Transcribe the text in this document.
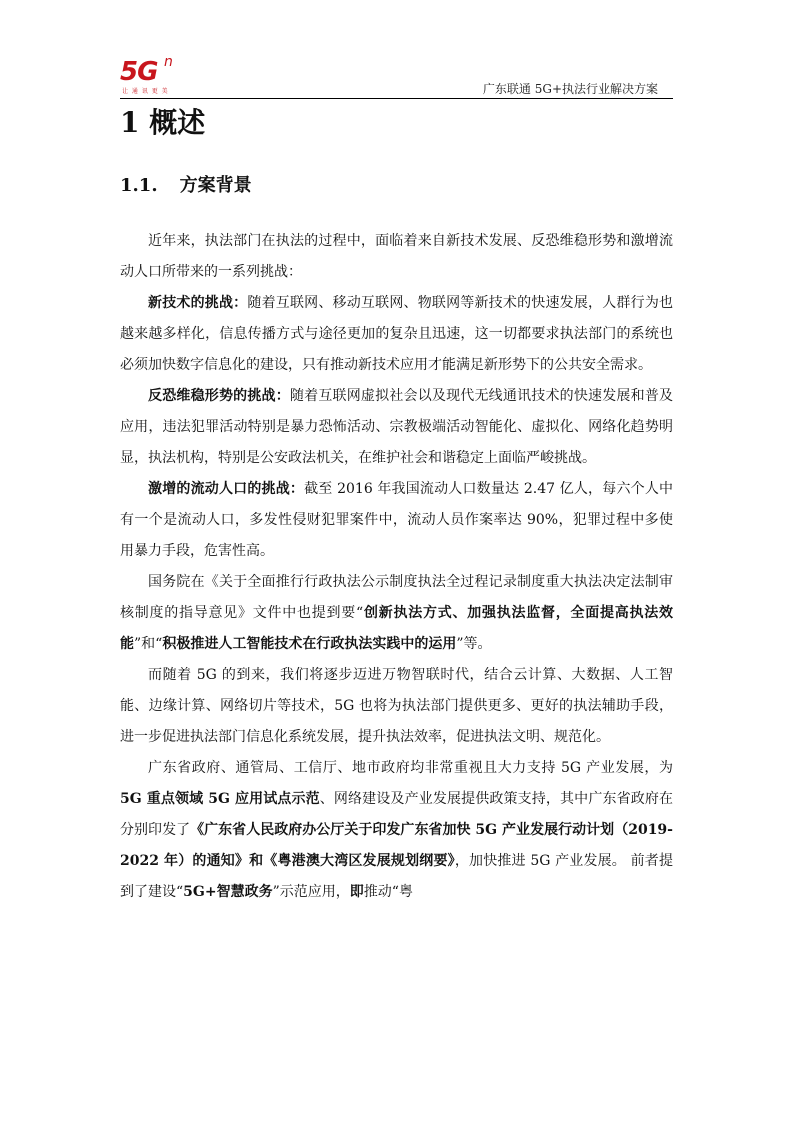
5G n
让 通 讯 更 美	广东联通 5G+执法行业解决方案
1 概述
1.1. 方案背景

近年来，执法部门在执法的过程中，面临着来自新技术发展、反恐维稳形势和激增流动人口所带来的一系列挑战：

新技术的挑战：随着互联网、移动互联网、物联网等新技术的快速发展，人群行为也越来越多样化，信息传播方式与途径更加的复杂且迅速，这一切都要求执法部门的系统也必须加快数字信息化的建设，只有推动新技术应用才能满足新形势下的公共安全需求。

反恐维稳形势的挑战：随着互联网虚拟社会以及现代无线通讯技术的快速发展和普及应用，违法犯罪活动特别是暴力恐怖活动、宗教极端活动智能化、虚拟化、网络化趋势明显，执法机构，特别是公安政法机关，在维护社会和谐稳定上面临严峻挑战。

激增的流动人口的挑战：截至 2016 年我国流动人口数量达 2.47 亿人，每六个人中有一个是流动人口，多发性侵财犯罪案件中，流动人员作案率达 90%，犯罪过程中多使用暴力手段，危害性高。

国务院在《关于全面推行行政执法公示制度执法全过程记录制度重大执法决定法制审核制度的指导意见》文件中也提到要“创新执法方式、加强执法监督，全面提高执法效能”和“积极推进人工智能技术在行政执法实践中的运用”等。

而随着 5G 的到来，我们将逐步迈进万物智联时代，结合云计算、大数据、人工智能、边缘计算、网络切片等技术，5G 也将为执法部门提供更多、更好的执法辅助手段，进一步促进执法部门信息化系统发展，提升执法效率，促进执法文明、规范化。

广东省政府、通管局、工信厅、地市政府均非常重视且大力支持 5G 产业发展，为 5G 重点领域 5G 应用试点示范、网络建设及产业发展提供政策支持，其中广东省政府在分别印发了《广东省人民政府办公厅关于印发广东省加快 5G 产业发展行动计划（2019-2022 年）的通知》和《粤港澳大湾区发展规划纲要》，加快推进 5G 产业发展。 前者提到了建设“5G+智慧政务”示范应用，即推动“粤
